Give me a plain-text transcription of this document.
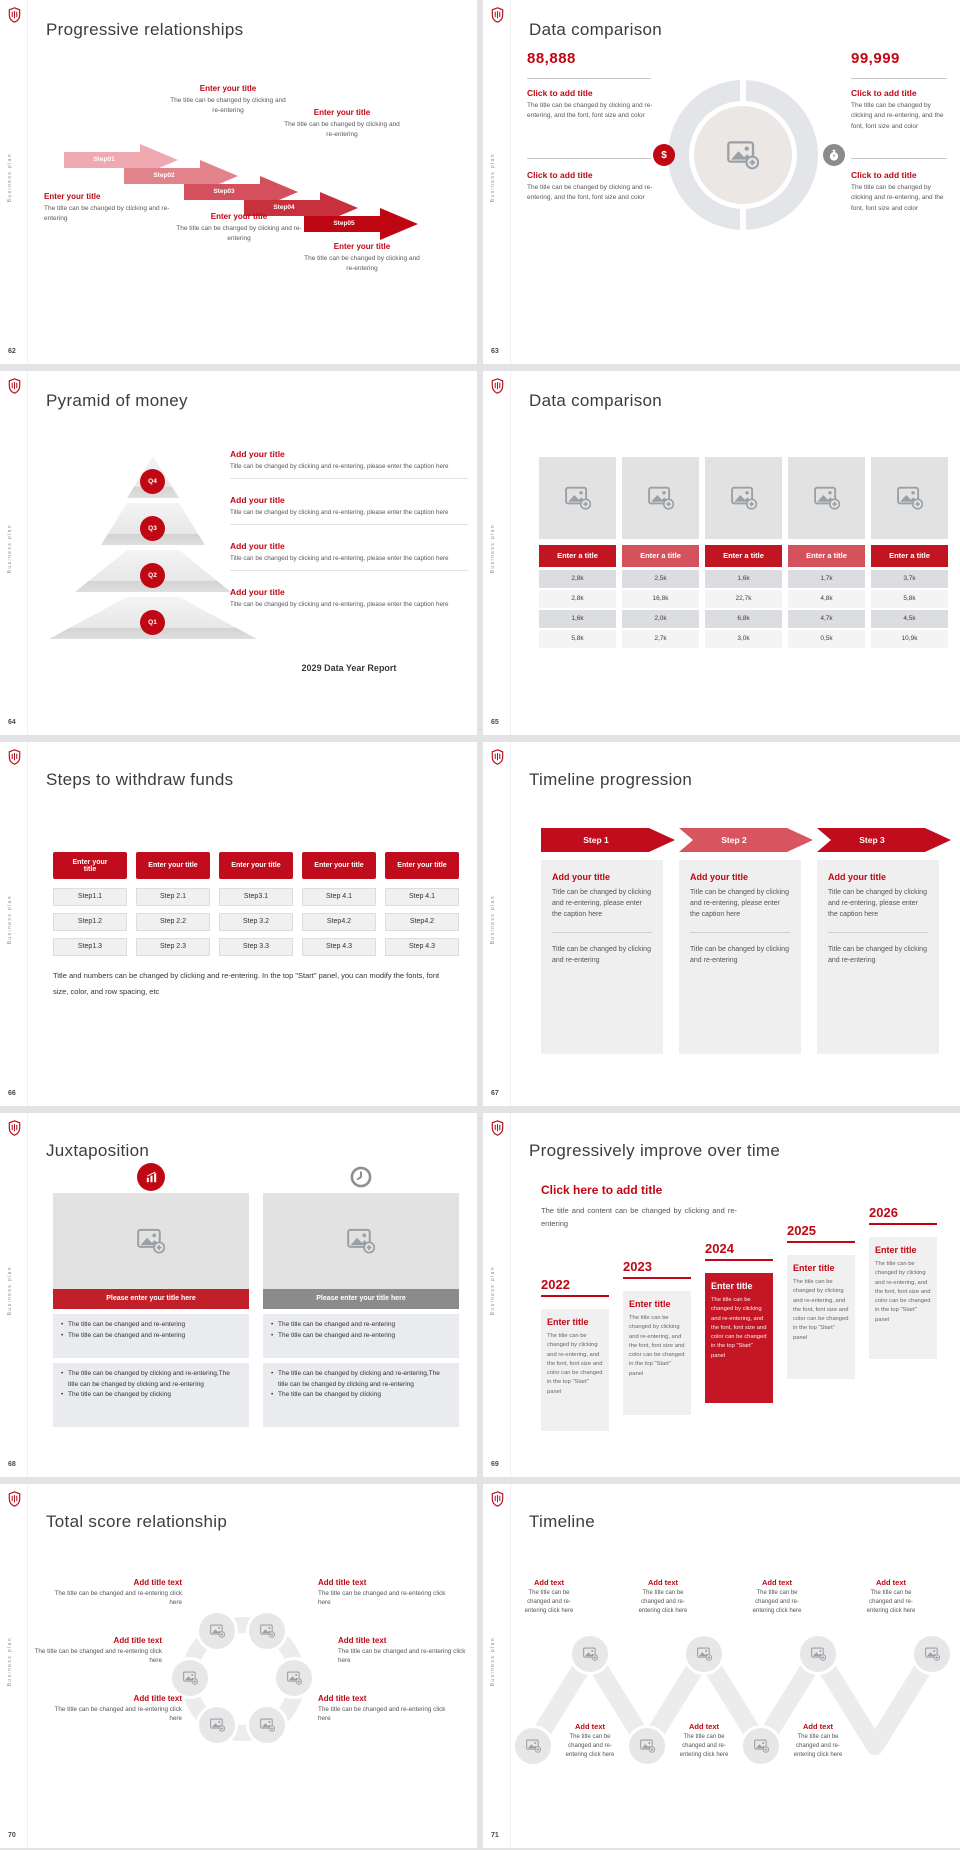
Business plan
62
Progressive relationships
Step01
Step02
Step03
Step04
Step05
Enter your title
The title can be changed by clicking and re-entering	Enter your title
The title can be changed by clicking and re-entering
Enter your title
The title can be changed by clicking and re-entering	Enter your title
The title can be changed by clicking and re-entering
Enter your title
The title can be changed by clicking and re-entering
Business plan
63
Data comparison
88,888
Click to add title
The title can be changed by clicking and re-entering, and the font, font size and color
Click to add title
The title can be changed by clicking and re-entering, and the font, font size and color
$
99,999
Click to add title
The title can be changed by clicking and re-entering, and the font, font size and color
Click to add title
The title can be changed by clicking and re-entering, and the font, font size and color
Business plan
64
Pyramid of money
Q4
Q3
Q2
Q1
Add your title
Title can be changed by clicking and re-entering, please enter the caption here
Add your title
Title can be changed by clicking and re-entering, please enter the caption here
Add your title
Title can be changed by clicking and re-entering, please enter the caption here
Add your title
Title can be changed by clicking and re-entering, please enter the caption here
2029 Data Year Report
Business plan
65
Data comparison
Enter a title	Enter a title	Enter a title	Enter a title	Enter a title
2,8k	2,5k	1,6k	1,7k	3,7k
2,8k	16,8k	22,7k	4,8k	5,8k
1,6k	2,0k	6,8k	4,7k	4,5k
5,8k	2,7k	3,0k	0,5k	10,9k
Business plan
66
Steps to withdraw funds
Enter your title	Enter your title	Enter your title	Enter your title	Enter your title
Step1.1	Step 2.1	Step3.1	Step 4.1	Step 4.1
Step1.2	Step 2.2	Step 3.2	Step4.2	Step4.2
Step1.3	Step 2.3	Step 3.3	Step 4.3	Step 4.3
Title and numbers can be changed by clicking and re-entering. In the top "Start" panel, you can modify the fonts, font size, color, and row spacing, etc
Business plan
67
Timeline progression
Step 1	Step 2	Step 3
Add your title
Title can be changed by clicking and re-entering, please enter the caption here
Title can be changed by clicking and re-entering
Add your title
Title can be changed by clicking and re-entering, please enter the caption here
Title can be changed by clicking and re-entering
Add your title
Title can be changed by clicking and re-entering, please enter the caption here
Title can be changed by clicking and re-entering
Business plan
68
Juxtaposition
Please enter your title here	Please enter your title here
• The title can be changed and re-entering
• The title can be changed and re-entering
• The title can be changed and re-entering
• The title can be changed and re-entering
• The title can be changed by clicking and re-entering,The title can be changed by clicking and re-entering
• The title can be changed by clicking
• The title can be changed by clicking and re-entering,The title can be changed by clicking and re-entering
• The title can be changed by clicking
Business plan
69
Progressively improve over time
Click here to add title
The title and content can be changed by clicking and re-entering
2022
Enter title
The title can be changed by clicking and re-entering, and the font, font size and color can be changed in the top "Start" panel
2023
Enter title
The title can be changed by clicking and re-entering, and the font, font size and color can be changed in the top "Start" panel
2024
Enter title
The title can be changed by clicking and re-entering, and the font, font size and color can be changed in the top "Start" panel
2025
Enter title
The title can be changed by clicking and re-entering, and the font, font size and color can be changed in the top "Start" panel
2026
Enter title
The title can be changed by clicking and re-entering, and the font, font size and color can be changed in the top "Start" panel
Business plan
70
Total score relationship
Add title text
The title can be changed and re-entering click here
Add title text
The title can be changed and re-entering click here
Add title text
The title can be changed and re-entering click here
Add title text
The title can be changed and re-entering click here
Add title text
The title can be changed and re-entering click here
Add title text
The title can be changed and re-entering click here
Business plan
71
Timeline
Add text
The title can be changed and re-entering click here
Add text
The title can be changed and re-entering click here
Add text
The title can be changed and re-entering click here
Add text
The title can be changed and re-entering click here
Add text
The title can be changed and re-entering click here
Add text
The title can be changed and re-entering click here
Add text
The title can be changed and re-entering click here
